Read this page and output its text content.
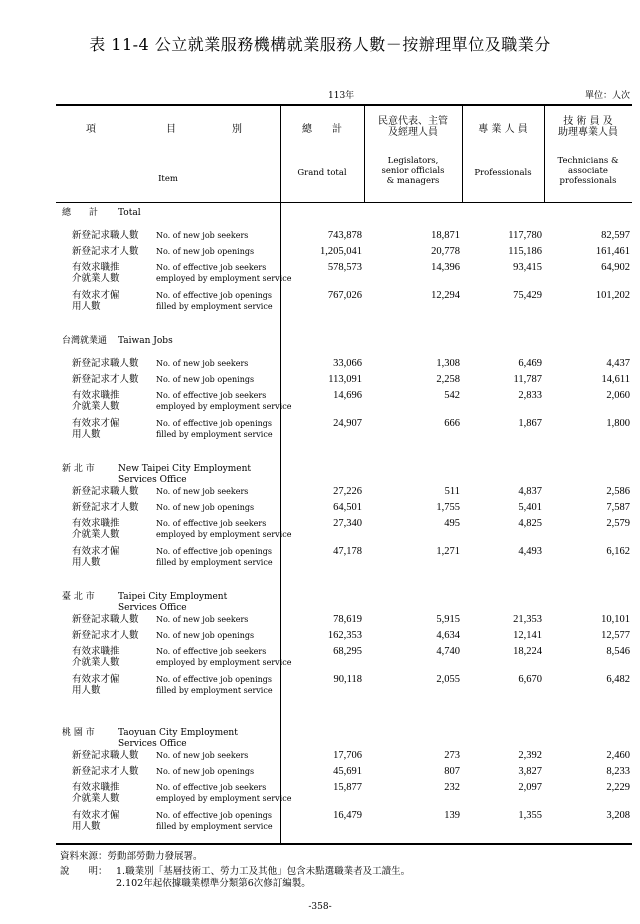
表 11-4 公立就業服務機構就業服務人數－按辦理單位及職業分
113年	單位：人次
項	目	別
Item
總　　計
Grand total
民意代表、主管
及經理人員
Legislators,
senior officials
& managers
專 業 人 員
Professionals
技 術 員 及
助理專業人員
Technicians &
associate
professionals
總　　計 Total
新登記求職人數 No. of new job seekers	743,878	18,871	117,780	82,597
新登記求才人數 No. of new job openings	1,205,041	20,778	115,186	161,461
有效求職推
介就業人數
No. of effective job seekers
employed by employment service
578,573	14,396	93,415	64,902
有效求才僱
用人數
No. of effective job openings
filled by employment service
767,026	12,294	75,429	101,202
台灣就業通 Taiwan Jobs
新登記求職人數 No. of new job seekers	33,066	1,308	6,469	4,437
新登記求才人數 No. of new job openings	113,091	2,258	11,787	14,611
有效求職推
介就業人數
No. of effective job seekers
employed by employment service
14,696	542	2,833	2,060
有效求才僱
用人數
No. of effective job openings
filled by employment service
24,907	666	1,867	1,800
新 北 市	New Taipei City Employment
Services Office
新登記求職人數 No. of new job seekers	27,226	511	4,837	2,586
新登記求才人數 No. of new job openings	64,501	1,755	5,401	7,587
有效求職推
介就業人數
No. of effective job seekers
employed by employment service
27,340	495	4,825	2,579
有效求才僱
用人數
No. of effective job openings
filled by employment service
47,178	1,271	4,493	6,162
臺 北 市	Taipei City Employment
Services Office
新登記求職人數 No. of new job seekers	78,619	5,915	21,353	10,101
新登記求才人數 No. of new job openings	162,353	4,634	12,141	12,577
有效求職推
介就業人數
No. of effective job seekers
employed by employment service
68,295	4,740	18,224	8,546
有效求才僱
用人數
No. of effective job openings
filled by employment service
90,118	2,055	6,670	6,482
桃 園 市	Taoyuan City Employment
Services Office
新登記求職人數 No. of new job seekers	17,706	273	2,392	2,460
新登記求才人數 No. of new job openings	45,691	807	3,827	8,233
有效求職推
介就業人數
No. of effective job seekers
employed by employment service
15,877	232	2,097	2,229
有效求才僱
用人數
No. of effective job openings
filled by employment service
16,479	139	1,355	3,208
資料來源：勞動部勞動力發展署。
說　　明： 1.職業別「基層技術工、勞力工及其他」包含未點選職業者及工讀生。
2.102年起依據職業標準分類第6次修訂編製。
-358-
